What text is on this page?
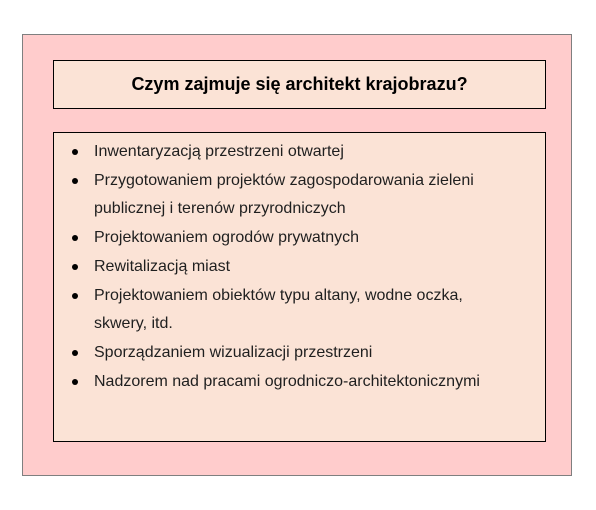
Czym zajmuje się architekt krajobrazu?
Inwentaryzacją przestrzeni otwartej
Przygotowaniem projektów zagospodarowania zieleni publicznej i terenów przyrodniczych
Projektowaniem ogrodów prywatnych
Rewitalizacją miast
Projektowaniem obiektów typu altany, wodne oczka, skwery, itd.
Sporządzaniem wizualizacji przestrzeni
Nadzorem nad pracami ogrodniczo-architektonicznymi
